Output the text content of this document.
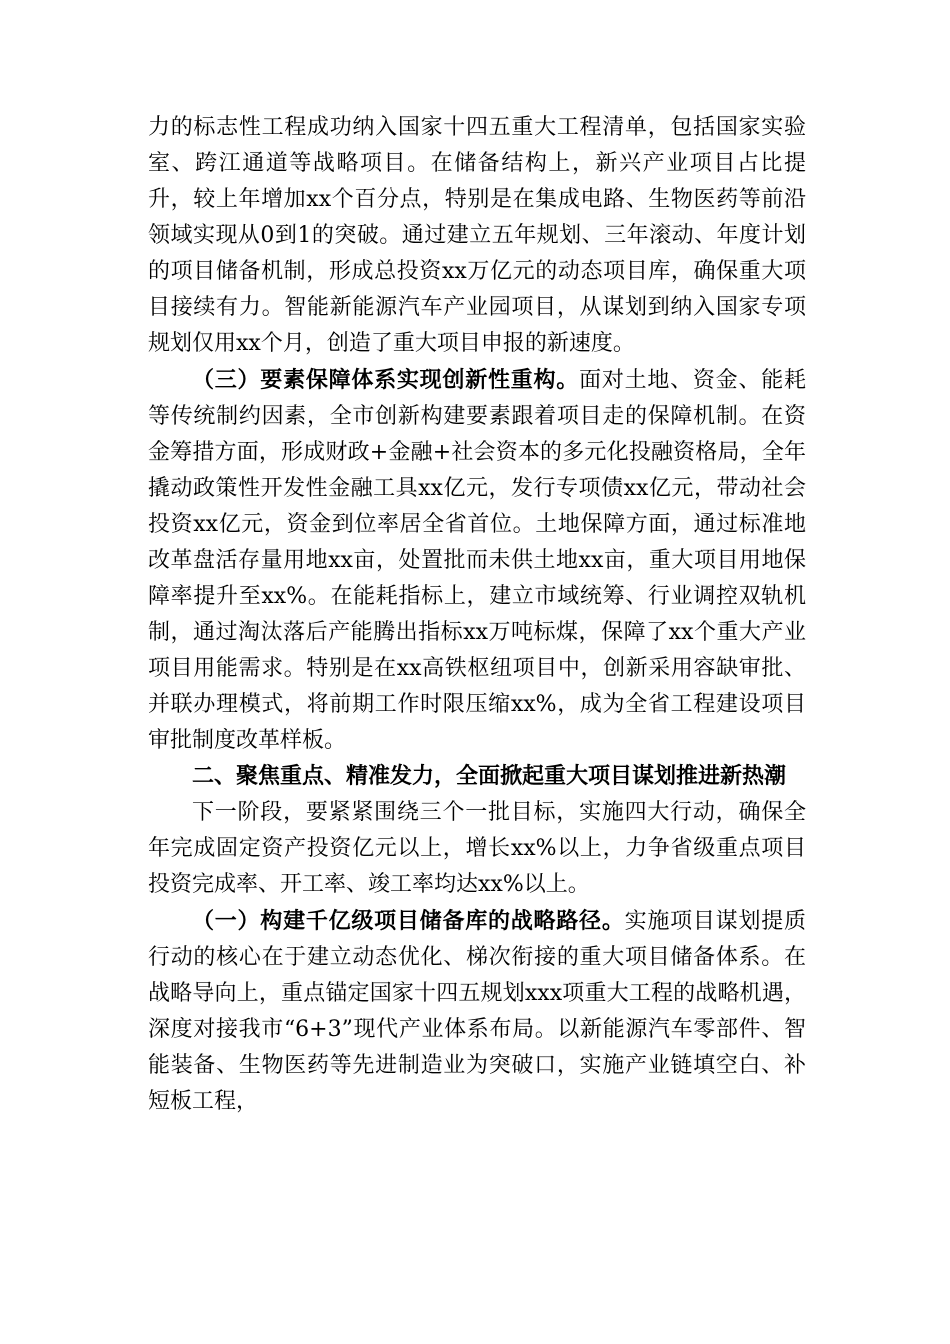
力的标志性工程成功纳入国家十四五重大工程清单，包括国家实验室、跨江通道等战略项目。在储备结构上，新兴产业项目占比提升，较上年增加xx个百分点，特别是在集成电路、生物医药等前沿领域实现从0到1的突破。通过建立五年规划、三年滚动、年度计划的项目储备机制，形成总投资xx万亿元的动态项目库，确保重大项目接续有力。智能新能源汽车产业园项目，从谋划到纳入国家专项规划仅用xx个月，创造了重大项目申报的新速度。

（三）要素保障体系实现创新性重构。面对土地、资金、能耗等传统制约因素，全市创新构建要素跟着项目走的保障机制。在资金筹措方面，形成财政+金融+社会资本的多元化投融资格局，全年撬动政策性开发性金融工具xx亿元，发行专项债xx亿元，带动社会投资xx亿元，资金到位率居全省首位。土地保障方面，通过标准地改革盘活存量用地xx亩，处置批而未供土地xx亩，重大项目用地保障率提升至xx%。在能耗指标上，建立市域统筹、行业调控双轨机制，通过淘汰落后产能腾出指标xx万吨标煤，保障了xx个重大产业项目用能需求。特别是在xx高铁枢纽项目中，创新采用容缺审批、并联办理模式，将前期工作时限压缩xx%，成为全省工程建设项目审批制度改革样板。

二、聚焦重点、精准发力，全面掀起重大项目谋划推进新热潮

下一阶段，要紧紧围绕三个一批目标，实施四大行动，确保全年完成固定资产投资亿元以上，增长xx%以上，力争省级重点项目投资完成率、开工率、竣工率均达xx%以上。

（一）构建千亿级项目储备库的战略路径。实施项目谋划提质行动的核心在于建立动态优化、梯次衔接的重大项目储备体系。在战略导向上，重点锚定国家十四五规划xxx项重大工程的战略机遇，深度对接我市“6+3”现代产业体系布局。以新能源汽车零部件、智能装备、生物医药等先进制造业为突破口，实施产业链填空白、补短板工程，
